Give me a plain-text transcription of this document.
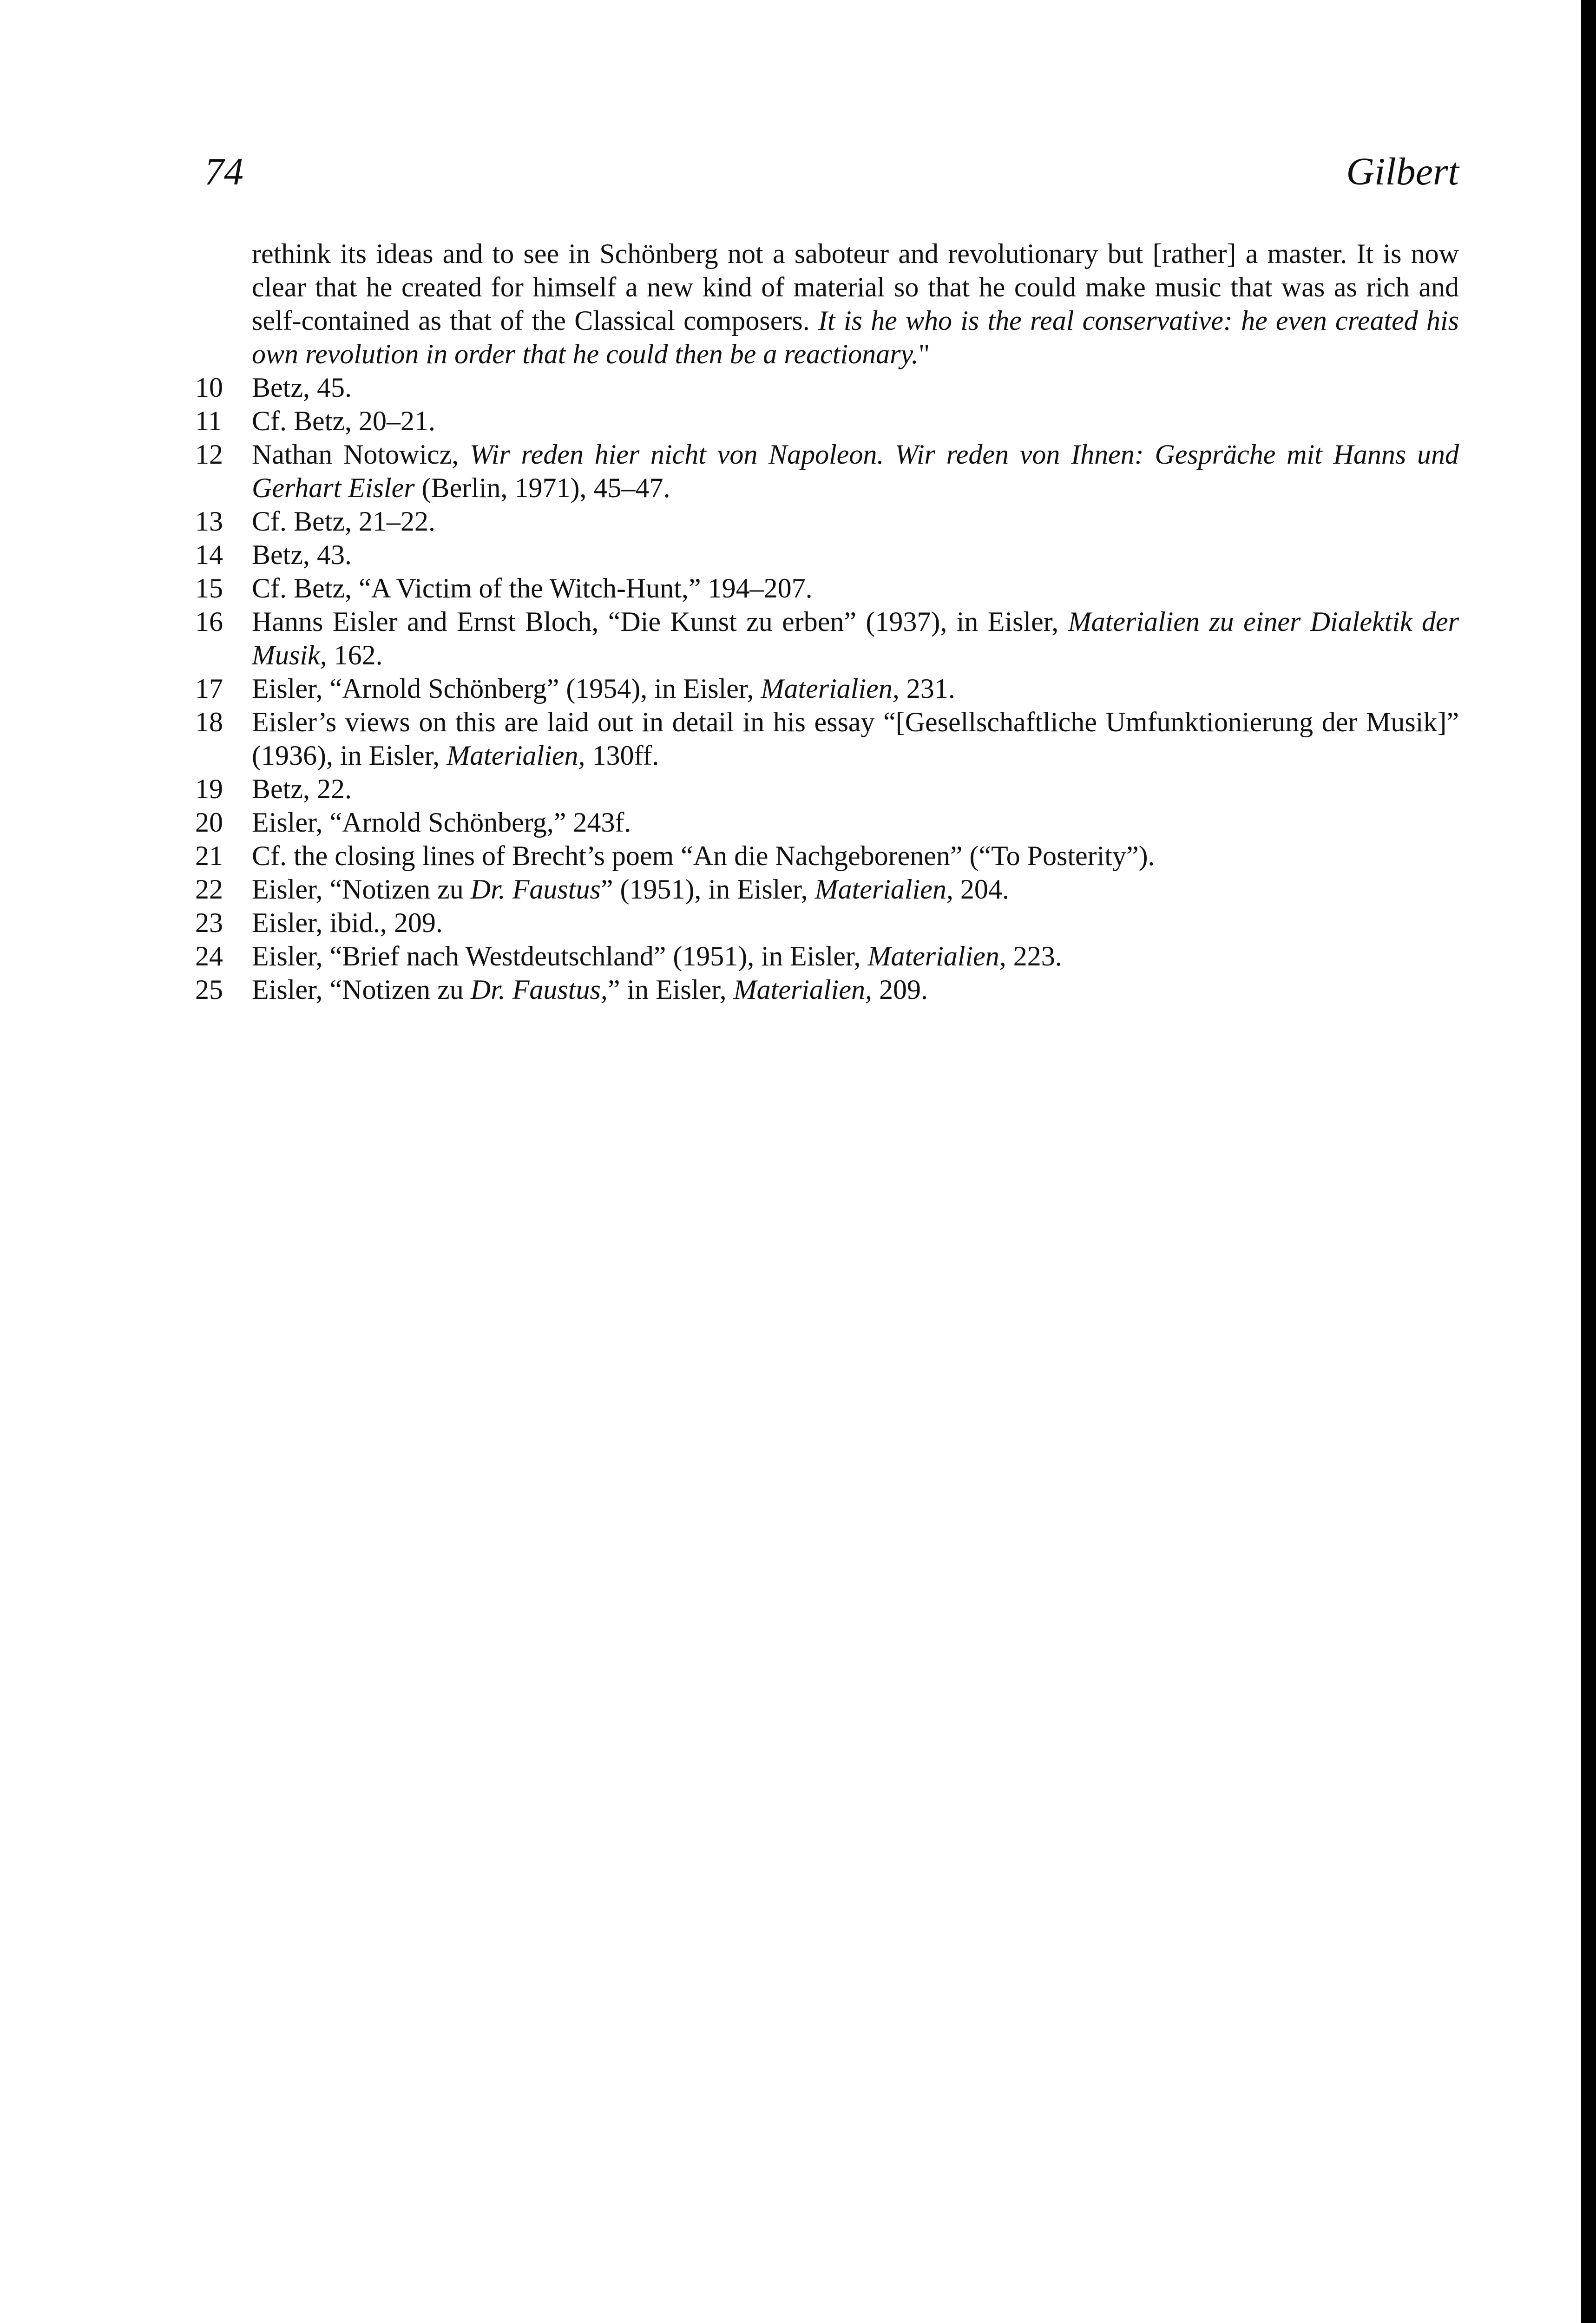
74	Gilbert
rethink its ideas and to see in Schönberg not a saboteur and revolutionary but [rather] a master. It is now clear that he created for himself a new kind of material so that he could make music that was as rich and self-contained as that of the Classical composers. It is he who is the real conservative: he even created his own revolution in order that he could then be a reactionary."
10	Betz, 45.
11	Cf. Betz, 20–21.
12	Nathan Notowicz, Wir reden hier nicht von Napoleon. Wir reden von Ihnen: Gespräche mit Hanns und Gerhart Eisler (Berlin, 1971), 45–47.
13	Cf. Betz, 21–22.
14	Betz, 43.
15	Cf. Betz, “A Victim of the Witch-Hunt,” 194–207.
16	Hanns Eisler and Ernst Bloch, “Die Kunst zu erben” (1937), in Eisler, Materialien zu einer Dialektik der Musik, 162.
17	Eisler, “Arnold Schönberg” (1954), in Eisler, Materialien, 231.
18	Eisler’s views on this are laid out in detail in his essay “[Gesellschaftliche Umfunktionierung der Musik]” (1936), in Eisler, Materialien, 130ff.
19	Betz, 22.
20	Eisler, “Arnold Schönberg,” 243f.
21	Cf. the closing lines of Brecht’s poem “An die Nachgeborenen” (“To Posterity”).
22	Eisler, “Notizen zu Dr. Faustus” (1951), in Eisler, Materialien, 204.
23	Eisler, ibid., 209.
24	Eisler, “Brief nach Westdeutschland” (1951), in Eisler, Materialien, 223.
25	Eisler, “Notizen zu Dr. Faustus,” in Eisler, Materialien, 209.
